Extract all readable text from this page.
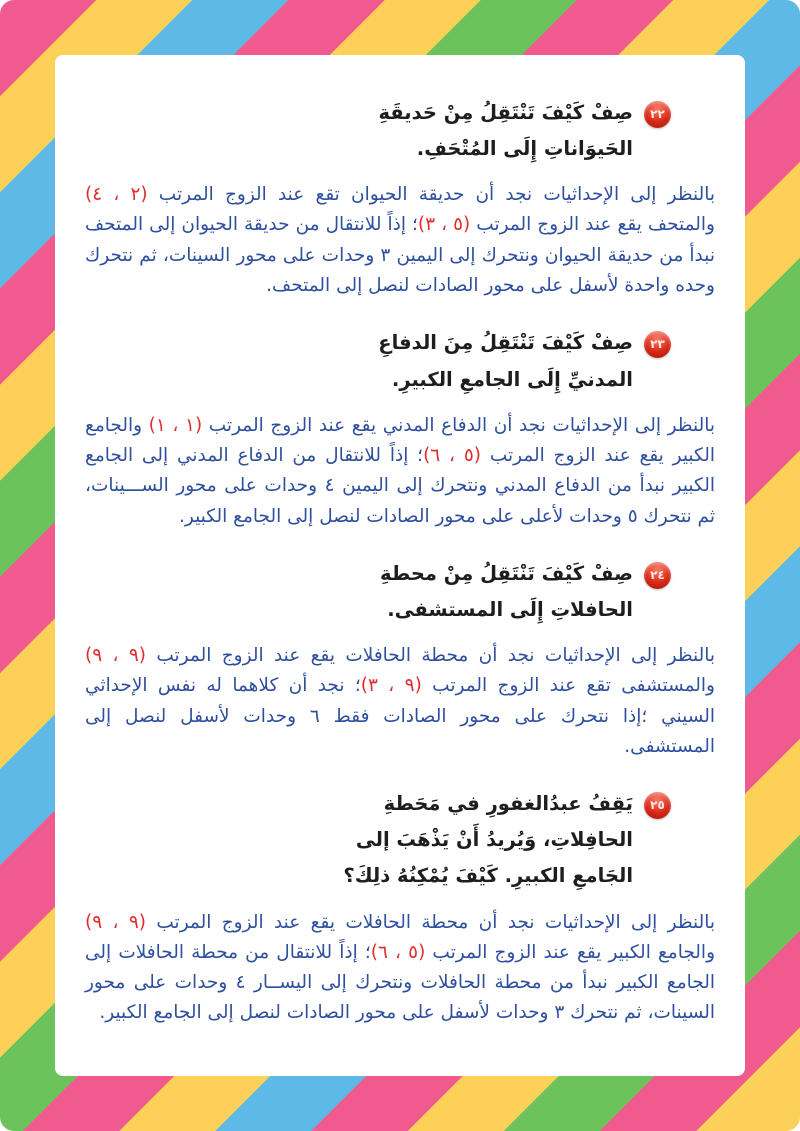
٢٢
صِفْ كَيْفَ تَنْتَقِلُ مِنْ حَديقَةِ الحَيوَاناتِ إِلَى المُتْحَفِ.

بالنظر إلى الإحداثيات نجد أن حديقة الحيوان تقع عند الزوج المرتب (٢ ، ٤) والمتحف يقع عند الزوج المرتب (٥ ، ٣)؛ إذاً للانتقال من حديقة الحيوان إلى المتحف نبدأ من حديقة الحيوان ونتحرك إلى اليمين ٣ وحدات على محور السينات، ثم نتحرك وحده واحدة لأسفل على محور الصادات لنصل إلى المتحف.

٢٣
صِفْ كَيْفَ تَنْتَقِلُ مِنَ الدفاعِ المدنيِّ إِلَى الجامعِ الكبيرِ.

بالنظر إلى الإحداثيات نجد أن الدفاع المدني يقع عند الزوج المرتب (١ ، ١) والجامع الكبير يقع عند الزوج المرتب (٥ ، ٦)؛ إذاً للانتقال من الدفاع المدني إلى الجامع الكبير نبدأ من الدفاع المدني ونتحرك إلى اليمين ٤ وحدات على محور الســـينات، ثم نتحرك ٥ وحدات لأعلى على محور الصادات لنصل إلى الجامع الكبير.

٢٤
صِفْ كَيْفَ تَنْتَقِلُ مِنْ محطةِ الحافلاتِ إِلَى المستشفى.

بالنظر إلى الإحداثيات نجد أن محطة الحافلات يقع عند الزوج المرتب (٩ ، ٩) والمستشفى تقع عند الزوج المرتب (٩ ، ٣)؛ نجد أن كلاهما له نفس الإحداثي السيني ؛إذا نتحرك على محور الصادات فقط ٦ وحدات لأسفل لنصل إلى المستشفى.

٢٥
يَقِفُ عبدُالغفورِ في مَحَطةِ الحافِلاتِ، وَيُريدُ أَنْ يَذْهَبَ إلى الجَامعِ الكبيرِ. كَيْفَ يُمْكِنُهُ ذلِكَ؟

بالنظر إلى الإحداثيات نجد أن محطة الحافلات يقع عند الزوج المرتب (٩ ، ٩) والجامع الكبير يقع عند الزوج المرتب (٥ ، ٦)؛ إذاً للانتقال من محطة الحافلات إلى الجامع الكبير نبدأ من محطة الحافلات ونتحرك إلى اليســار ٤ وحدات على محور السينات، ثم نتحرك ٣ وحدات لأسفل على محور الصادات لنصل إلى الجامع الكبير.
